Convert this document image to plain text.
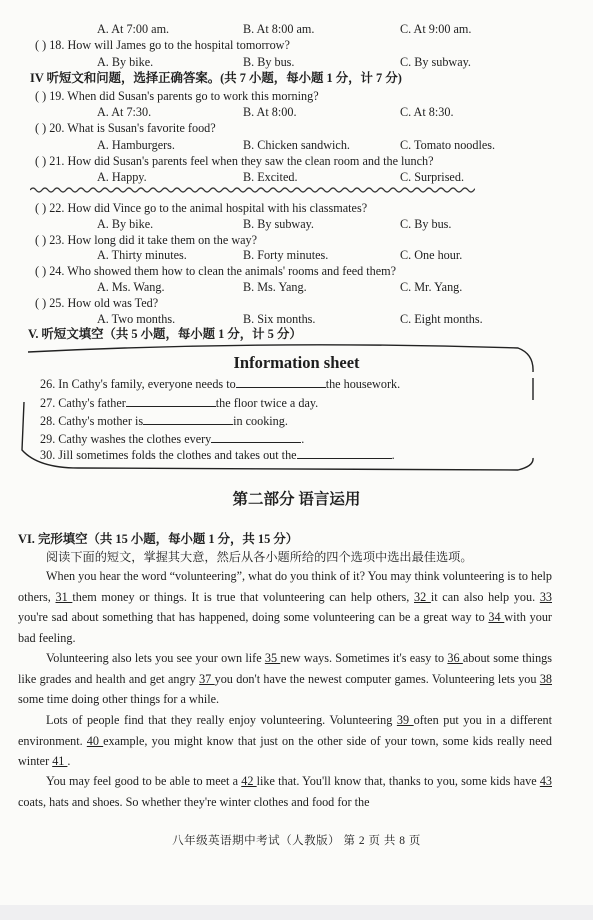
A. At 7:00 am.	B. At 8:00 am.	C. At 9:00 am.
( ) 18. How will James go to the hospital tomorrow?
A. By bike.	B. By bus.	C. By subway.
IV 听短文和问题，选择正确答案。(共 7 小题，每小题 1 分，计 7 分)
( ) 19. When did Susan's parents go to work this morning?
A. At 7:30.	B. At 8:00.	C. At 8:30.
( ) 20. What is Susan's favorite food?
A. Hamburgers.	B. Chicken sandwich.	C. Tomato noodles.
( ) 21. How did Susan's parents feel when they saw the clean room and the lunch?
A. Happy.	B. Excited.	C. Surprised.
( ) 22. How did Vince go to the animal hospital with his classmates?
A. By bike.	B. By subway.	C. By bus.
( ) 23. How long did it take them on the way?
A. Thirty minutes.	B. Forty minutes.	C. One hour.
( ) 24. Who showed them how to clean the animals' rooms and feed them?
A. Ms. Wang.	B. Ms. Yang.	C. Mr. Yang.
( ) 25. How old was Ted?
A. Two months.	B. Six months.	C. Eight months.
V. 听短文填空（共 5 小题，每小题 1 分，计 5 分）
Information sheet
26. In Cathy's family, everyone needs to	the housework.
27. Cathy's father	the floor twice a day.
28. Cathy's mother is	in cooking.
29. Cathy washes the clothes every	.
30. Jill sometimes folds the clothes and takes out the	.
第二部分 语言运用
VI. 完形填空（共 15 小题，每小题 1 分，共 15 分）
阅读下面的短文，掌握其大意，然后从各小题所给的四个选项中选出最佳选项。
When you hear the word “volunteering”, what do you think of it? You may think volunteering is to help others, 31 them money or things. It is true that volunteering can help others, 32 it can also help you. 33 you're sad about something that has happened, doing some volunteering can be a great way to 34 with your bad feeling.
Volunteering also lets you see your own life 35 new ways. Sometimes it's easy to 36 about some things like grades and health and get angry 37 you don't have the newest computer games. Volunteering lets you 38 some time doing other things for a while.
Lots of people find that they really enjoy volunteering. Volunteering 39 often put you in a different environment. 40 example, you might know that just on the other side of your town, some kids really need winter 41 .
You may feel good to be able to meet a 42 like that. You'll know that, thanks to you, some kids have 43 coats, hats and shoes. So whether they're winter clothes and food for the
八年级英语期中考试（人教版） 第 2 页 共 8 页
